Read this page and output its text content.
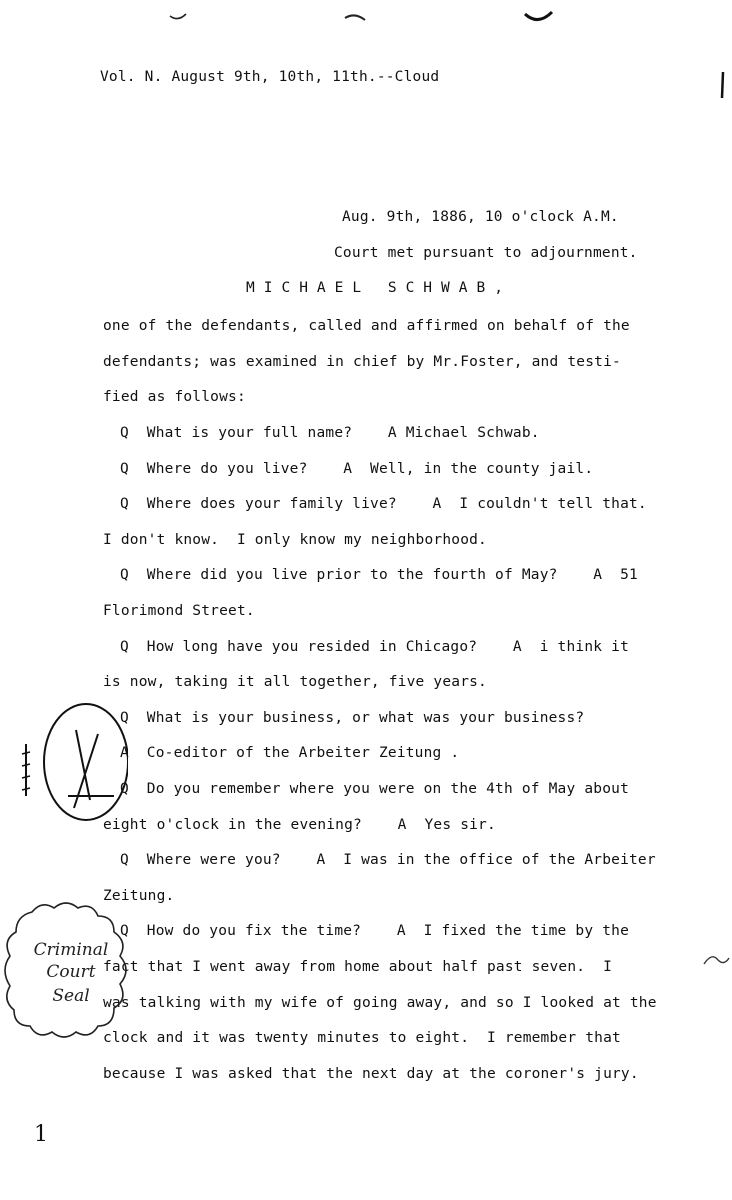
Vol. N. August 9th, 10th, 11th.--Cloud
Aug. 9th, 1886, 10 o'clock A.M.
Court met pursuant to adjournment.
MICHAEL SCHWAB,
one of the defendants, called and affirmed on behalf of the
defendants; was examined in chief by Mr.Foster, and testi-
fied as follows:
Q  What is your full name?    A Michael Schwab.
Q  Where do you live?    A  Well, in the county jail.
Q  Where does your family live?    A  I couldn't tell that.
I don't know.  I only know my neighborhood.
Q  Where did you live prior to the fourth of May?    A  51
Florimond Street.
Q  How long have you resided in Chicago?    A  i think it
is now, taking it all together, five years.
Q  What is your business, or what was your business?
A  Co-editor of the Arbeiter Zeitung .
Q  Do you remember where you were on the 4th of May about
eight o'clock in the evening?    A  Yes sir.
Q  Where were you?    A  I was in the office of the Arbeiter
Zeitung.
Q  How do you fix the time?    A  I fixed the time by the
fact that I went away from home about half past seven.  I
was talking with my wife of going away, and so I looked at the
clock and it was twenty minutes to eight.  I remember that
because I was asked that the next day at the coroner's jury.
Criminal
Court
Seal
1
